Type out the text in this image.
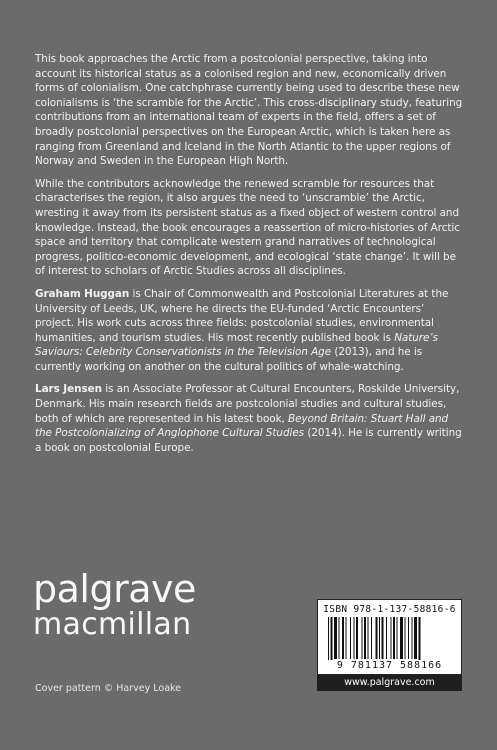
This book approaches the Arctic from a postcolonial perspective, taking into account its historical status as a colonised region and new, economically driven forms of colonialism. One catchphrase currently being used to describe these new colonialisms is ‘the scramble for the Arctic’. This cross-disciplinary study, featuring contributions from an international team of experts in the field, offers a set of broadly postcolonial perspectives on the European Arctic, which is taken here as ranging from Greenland and Iceland in the North Atlantic to the upper regions of Norway and Sweden in the European High North.

While the contributors acknowledge the renewed scramble for resources that characterises the region, it also argues the need to ‘unscramble’ the Arctic, wresting it away from its persistent status as a fixed object of western control and knowledge. Instead, the book encourages a reassertion of micro-histories of Arctic space and territory that complicate western grand narratives of technological progress, politico-economic development, and ecological ‘state change’. It will be of interest to scholars of Arctic Studies across all disciplines.

Graham Huggan is Chair of Commonwealth and Postcolonial Literatures at the University of Leeds, UK, where he directs the EU-funded ‘Arctic Encounters’ project. His work cuts across three fields: postcolonial studies, environmental humanities, and tourism studies. His most recently published book is Nature’s Saviours: Celebrity Conservationists in the Television Age (2013), and he is currently working on another on the cultural politics of whale-watching.

Lars Jensen is an Associate Professor at Cultural Encounters, Roskilde University, Denmark. His main research fields are postcolonial studies and cultural studies, both of which are represented in his latest book, Beyond Britain: Stuart Hall and the Postcolonializing of Anglophone Cultural Studies (2014). He is currently writing a book on postcolonial Europe.

palgrave
macmillan
Cover pattern © Harvey Loake
ISBN 978-1-137-58816-6
9 781137 588166
www.palgrave.com
